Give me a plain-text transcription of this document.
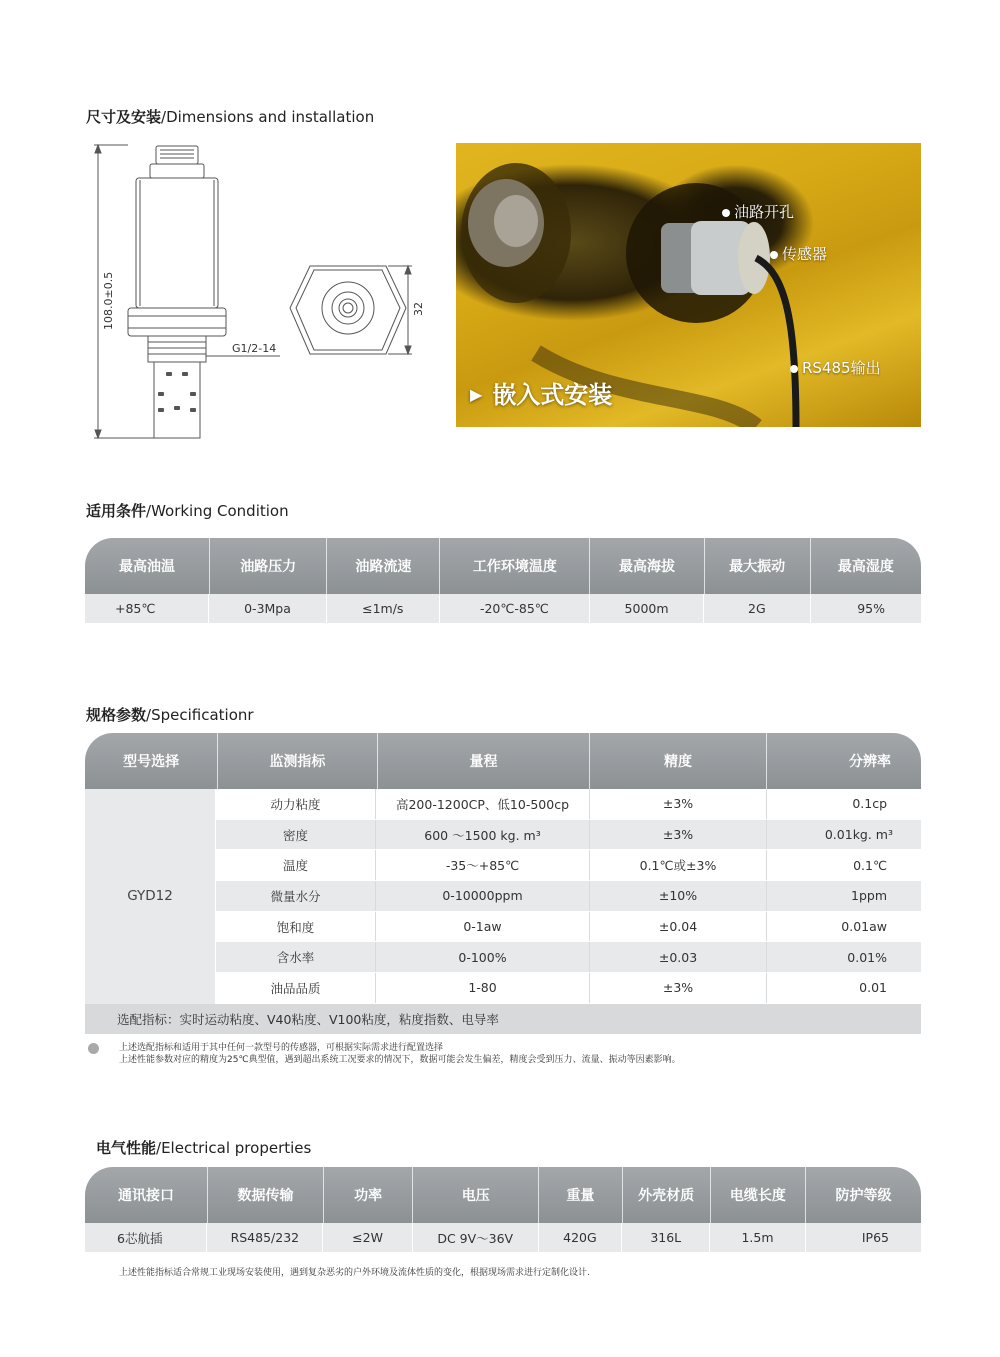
尺寸及安装/Dimensions and installation
108.0±0.5
G1/2-14
32
油路开孔
传感器
RS485输出
▶ 嵌入式安装
适用条件/Working Condition
最高油温	油路压力	油路流速	工作环境温度	最高海拔	最大振动	最高湿度
+85℃	0-3Mpa	≤1m/s	-20℃-85℃	5000m	2G	95%
规格参数/Specificationr
型号选择	监测指标	量程	精度	分辨率
GYD12
动力粘度	高200-1200CP、低10-500cp	±3%	0.1cp
密度	600 ～1500 kg. m³	±3%	0.01kg. m³
温度	-35～+85℃	0.1℃或±3%	0.1℃
微量水分	0-10000ppm	±10%	1ppm
饱和度	0-1aw	±0.04	0.01aw
含水率	0-100%	±0.03	0.01%
油品品质	1-80	±3%	0.01
选配指标：实时运动粘度、V40粘度、V100粘度，粘度指数、电导率
上述选配指标和适用于其中任何一款型号的传感器，可根据实际需求进行配置选择
上述性能参数对应的精度为25℃典型值，遇到超出系统工况要求的情况下，数据可能会发生偏差，精度会受到压力、流量、振动等因素影响。
电气性能/Electrical properties
通讯接口	数据传输	功率	电压	重量	外壳材质	电缆长度	防护等级
6芯航插	RS485/232	≤2W	DC 9V～36V	420G	316L	1.5m	IP65
上述性能指标适合常规工业现场安装使用，遇到复杂恶劣的户外环境及流体性质的变化，根据现场需求进行定制化设计.
